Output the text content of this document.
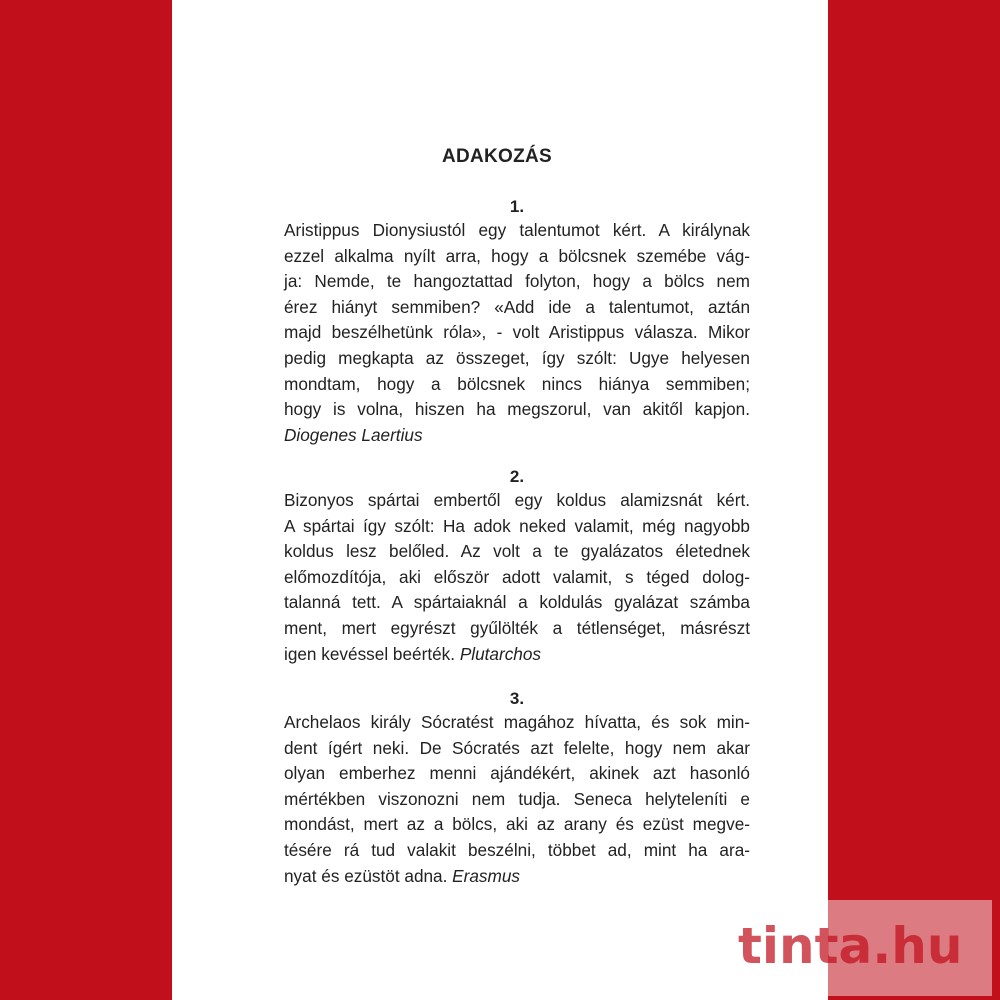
ADAKOZÁS
1.
Aristippus Dionysiustól egy talentumot kért. A királynak
ezzel alkalma nyílt arra, hogy a bölcsnek szemébe vág-
ja: Nemde, te hangoztattad folyton, hogy a bölcs nem
érez hiányt semmiben? «Add ide a talentumot, aztán
majd beszélhetünk róla», - volt Aristippus válasza. Mikor
pedig megkapta az összeget, így szólt: Ugye helyesen
mondtam, hogy a bölcsnek nincs hiánya semmiben;
hogy is volna, hiszen ha megszorul, van akitől kapjon.
Diogenes Laertius
2.
Bizonyos spártai embertől egy koldus alamizsnát kért.
A spártai így szólt: Ha adok neked valamit, még nagyobb
koldus lesz belőled. Az volt a te gyalázatos életednek
előmozdítója, aki először adott valamit, s téged dolog-
talanná tett. A spártaiaknál a koldulás gyalázat számba
ment, mert egyrészt gyűlölték a tétlenséget, másrészt
igen kevéssel beérték. Plutarchos
3.
Archelaos király Sócratést magához hívatta, és sok min-
dent ígért neki. De Sócratés azt felelte, hogy nem akar
olyan emberhez menni ajándékért, akinek azt hasonló
mértékben viszonozni nem tudja. Seneca helyteleníti e
mondást, mert az a bölcs, aki az arany és ezüst megve-
tésére rá tud valakit beszélni, többet ad, mint ha ara-
nyat és ezüstöt adna. Erasmus
tinta.hu
